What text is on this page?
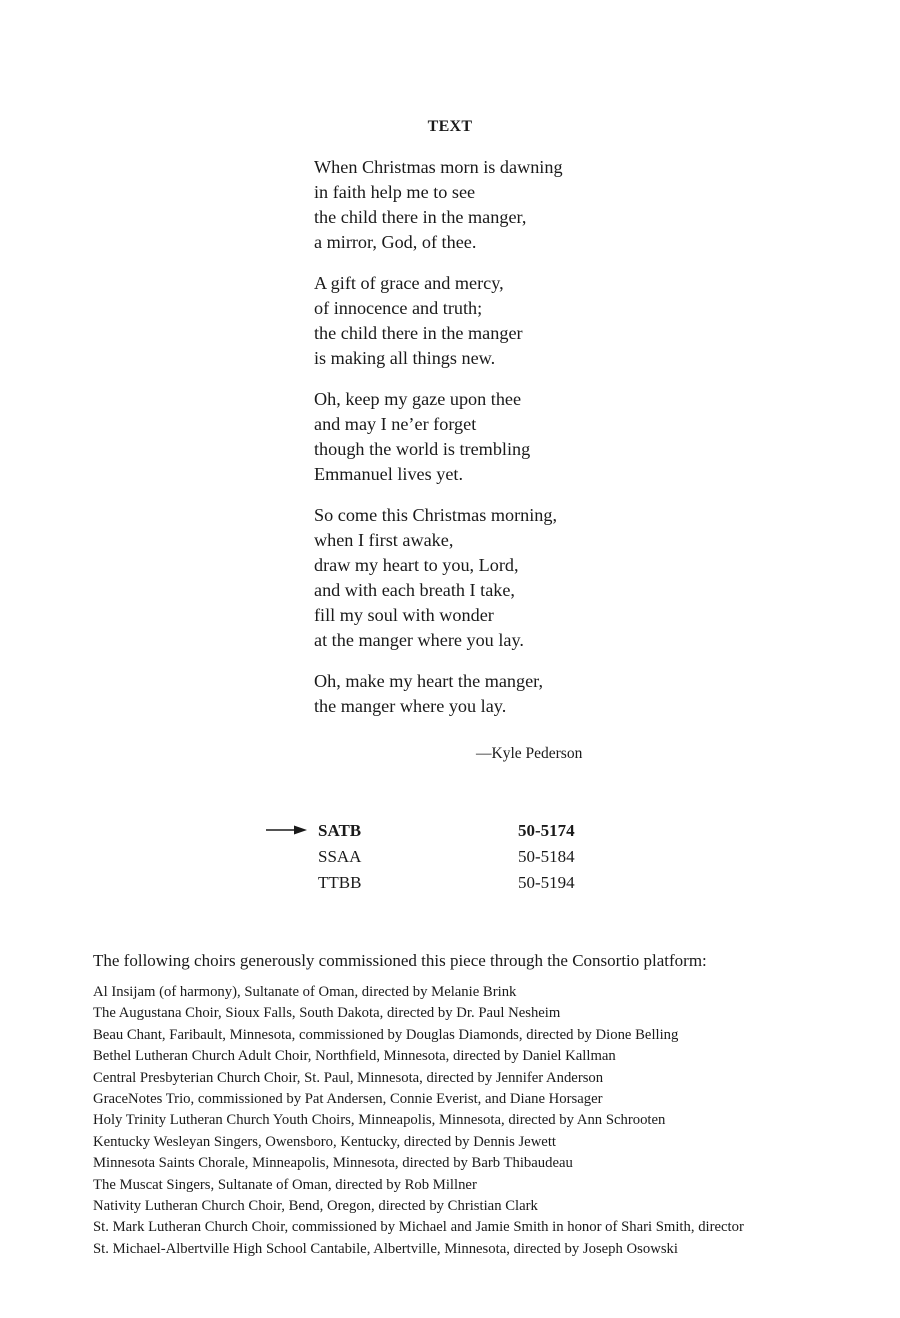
TEXT
When Christmas morn is dawning
in faith help me to see
the child there in the manger,
a mirror, God, of thee.
A gift of grace and mercy,
of innocence and truth;
the child there in the manger
is making all things new.
Oh, keep my gaze upon thee
and may I ne’er forget
though the world is trembling
Emmanuel lives yet.
So come this Christmas morning,
when I first awake,
draw my heart to you, Lord,
and with each breath I take,
fill my soul with wonder
at the manger where you lay.
Oh, make my heart the manger,
the manger where you lay.
—Kyle Pederson
SATB	50-5174
SSAA	50-5184
TTBB	50-5194
The following choirs generously commissioned this piece through the Consortio platform:
Al Insijam (of harmony), Sultanate of Oman, directed by Melanie Brink
The Augustana Choir, Sioux Falls, South Dakota, directed by Dr. Paul Nesheim
Beau Chant, Faribault, Minnesota, commissioned by Douglas Diamonds, directed by Dione Belling
Bethel Lutheran Church Adult Choir, Northfield, Minnesota, directed by Daniel Kallman
Central Presbyterian Church Choir, St. Paul, Minnesota, directed by Jennifer Anderson
GraceNotes Trio, commissioned by Pat Andersen, Connie Everist, and Diane Horsager
Holy Trinity Lutheran Church Youth Choirs, Minneapolis, Minnesota, directed by Ann Schrooten
Kentucky Wesleyan Singers, Owensboro, Kentucky, directed by Dennis Jewett
Minnesota Saints Chorale, Minneapolis, Minnesota, directed by Barb Thibaudeau
The Muscat Singers, Sultanate of Oman, directed by Rob Millner
Nativity Lutheran Church Choir, Bend, Oregon, directed by Christian Clark
St. Mark Lutheran Church Choir, commissioned by Michael and Jamie Smith in honor of Shari Smith, director
St. Michael-Albertville High School Cantabile, Albertville, Minnesota, directed by Joseph Osowski
